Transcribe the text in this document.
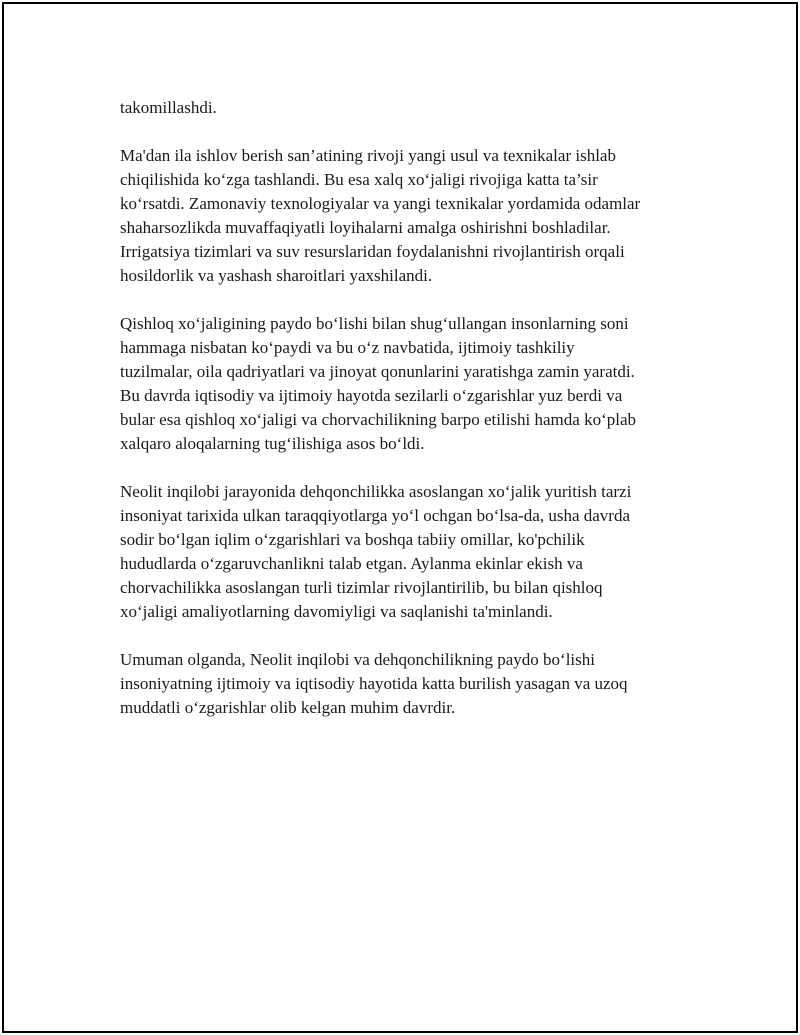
takomillashdi.

Ma'dan ila ishlov berish san’atining rivoji yangi usul va texnikalar ishlab
chiqilishida ko‘zga tashlandi. Bu esa xalq xo‘jaligi rivojiga katta ta’sir
ko‘rsatdi. Zamonaviy texnologiyalar va yangi texnikalar yordamida odamlar
shaharsozlikda muvaffaqiyatli loyihalarni amalga oshirishni boshladilar.
Irrigatsiya tizimlari va suv resurslaridan foydalanishni rivojlantirish orqali
hosildorlik va yashash sharoitlari yaxshilandi.

Qishloq xo‘jaligining paydo bo‘lishi bilan shug‘ullangan insonlarning soni
hammaga nisbatan ko‘paydi va bu o‘z navbatida, ijtimoiy tashkiliy
tuzilmalar, oila qadriyatlari va jinoyat qonunlarini yaratishga zamin yaratdi.
Bu davrda iqtisodiy va ijtimoiy hayotda sezilarli o‘zgarishlar yuz berdi va
bular esa qishloq xo‘jaligi va chorvachilikning barpo etilishi hamda ko‘plab
xalqaro aloqalarning tug‘ilishiga asos bo‘ldi.

Neolit inqilobi jarayonida dehqonchilikka asoslangan xo‘jalik yuritish tarzi
insoniyat tarixida ulkan taraqqiyotlarga yo‘l ochgan bo‘lsa-da, usha davrda
sodir bo‘lgan iqlim o‘zgarishlari va boshqa tabiiy omillar, ko'pchilik
hududlarda o‘zgaruvchanlikni talab etgan. Aylanma ekinlar ekish va
chorvachilikka asoslangan turli tizimlar rivojlantirilib, bu bilan qishloq
xo‘jaligi amaliyotlarning davomiyligi va saqlanishi ta'minlandi.

Umuman olganda, Neolit inqilobi va dehqonchilikning paydo bo‘lishi
insoniyatning ijtimoiy va iqtisodiy hayotida katta burilish yasagan va uzoq
muddatli o‘zgarishlar olib kelgan muhim davrdir.
